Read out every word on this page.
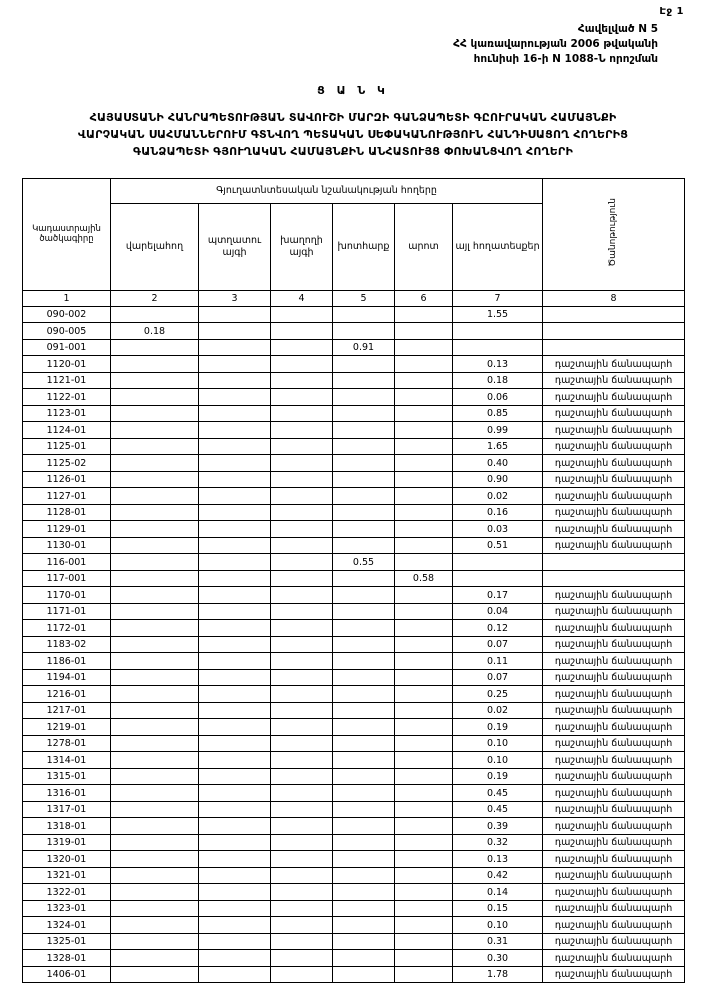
Էջ 1
Հավելված N 5
ՀՀ կառավարության 2006 թվականի
հունիսի 16-ի N 1088-Ն որոշման
Ց Ա Ն Կ
ՀԱՅԱՍՏԱՆԻ ՀԱՆՐԱՊԵՏՈՒԹՅԱՆ ՏԱՎՈՒՇԻ ՄԱՐԶԻ ԳԱՆՁԱՊԵՏԻ ԳԸՈՒՐԱԿԱՆ ՀԱՄԱՅՆՔԻ
ՎԱՐՉԱԿԱՆ ՍԱՀՄԱՆՆԵՐՈՒՄ ԳՏՆՎՈՂ ՊԵՏԱԿԱՆ ՍԵՓԱԿԱՆՈՒԹՅՈՒՆ ՀԱՆԴԻՍԱՑՈՂ ՀՈՂԵՐԻՑ
ԳԱՆՁԱՊԵՏԻ ԳՅՈՒՂԱԿԱՆ ՀԱՄԱՅՆՔԻՆ ԱՆՀԱՏՈՒՅՑ ՓՈԽԱՆՑՎՈՂ ՀՈՂԵՐԻ
Կադաստրային ծածկագիրը	Գյուղատնտեսական նշանակության հողերը						Ծանոթություն
	վարելահող	պտղատու այգի	խաղողի այգի	խոտհարք	արոտ	այլ հողատեսքեր	
1	2	3	4	5	6	7	8
090-002						1.55	
090-005	0.18						
091-001				0.91			
1120-01						0.13	դաշտային ճանապարհ
1121-01						0.18	դաշտային ճանապարհ
1122-01						0.06	դաշտային ճանապարհ
1123-01						0.85	դաշտային ճանապարհ
1124-01						0.99	դաշտային ճանապարհ
1125-01						1.65	դաշտային ճանապարհ
1125-02						0.40	դաշտային ճանապարհ
1126-01						0.90	դաշտային ճանապարհ
1127-01						0.02	դաշտային ճանապարհ
1128-01						0.16	դաշտային ճանապարհ
1129-01						0.03	դաշտային ճանապարհ
1130-01						0.51	դաշտային ճանապարհ
116-001				0.55			
117-001					0.58		
1170-01						0.17	դաշտային ճանապարհ
1171-01						0.04	դաշտային ճանապարհ
1172-01						0.12	դաշտային ճանապարհ
1183-02						0.07	դաշտային ճանապարհ
1186-01						0.11	դաշտային ճանապարհ
1194-01						0.07	դաշտային ճանապարհ
1216-01						0.25	դաշտային ճանապարհ
1217-01						0.02	դաշտային ճանապարհ
1219-01						0.19	դաշտային ճանապարհ
1278-01						0.10	դաշտային ճանապարհ
1314-01						0.10	դաշտային ճանապարհ
1315-01						0.19	դաշտային ճանապարհ
1316-01						0.45	դաշտային ճանապարհ
1317-01						0.45	դաշտային ճանապարհ
1318-01						0.39	դաշտային ճանապարհ
1319-01						0.32	դաշտային ճանապարհ
1320-01						0.13	դաշտային ճանապարհ
1321-01						0.42	դաշտային ճանապարհ
1322-01						0.14	դաշտային ճանապարհ
1323-01						0.15	դաշտային ճանապարհ
1324-01						0.10	դաշտային ճանապարհ
1325-01						0.31	դաշտային ճանապարհ
1328-01						0.30	դաշտային ճանապարհ
1406-01						1.78	դաշտային ճանապարհ
